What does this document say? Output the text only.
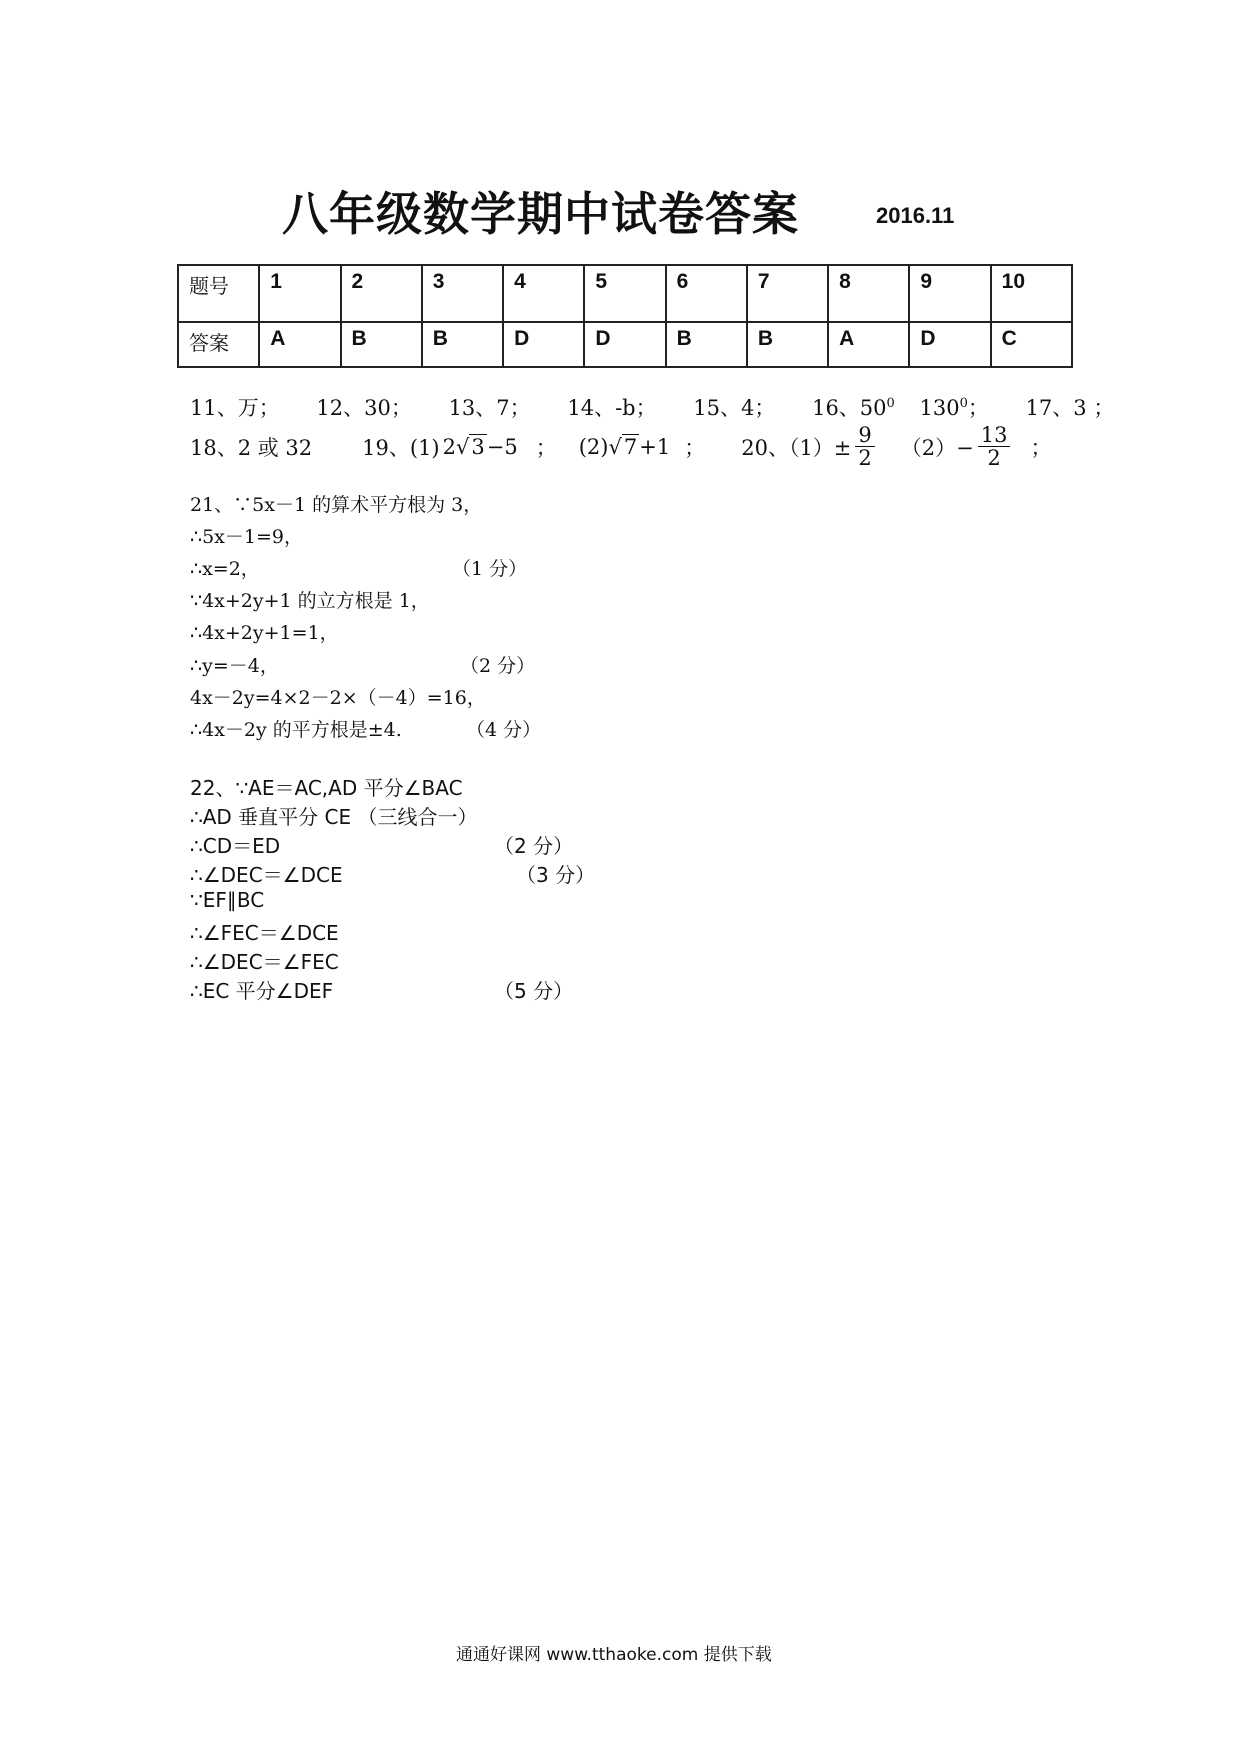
八年级数学期中试卷答案	2016.11
题号	1	2	3	4	5	6	7	8	9	10
答案	A	B	B	D	D	B	B	A	D	C
11、万； 12、30； 13、7； 14、-b； 15、4； 16、$50^0$ $130^0$； 17、3 ；
18、2 或 32 19、(1) 2√3−5 ； (2) √7+1 ； 20、$(1)\pm \frac{9}{2} (2)- \frac{13}{2}$ ；
21、∵5x－1 的算术平方根为 3，
∴5x－1=9，
∴x=2，	（1 分）
∵4x+2y+1 的立方根是 1，
∴4x+2y+1=1，
∴y=－4，	（2 分）
4x－2y=4×2－2×（－4）=16，
∴4x－2y 的平方根是±4.	（4 分）
22、∵AE＝AC,AD 平分∠BAC
∴AD 垂直平分 CE （三线合一）
∴CD＝ED	（2 分）
∴∠DEC＝∠DCE	（3 分）
∵EF∥BC
∴∠FEC＝∠DCE
∴∠DEC＝∠FEC
∴EC 平分∠DEF	（5 分）
通通好课网 www.tthaoke.com 提供下载
